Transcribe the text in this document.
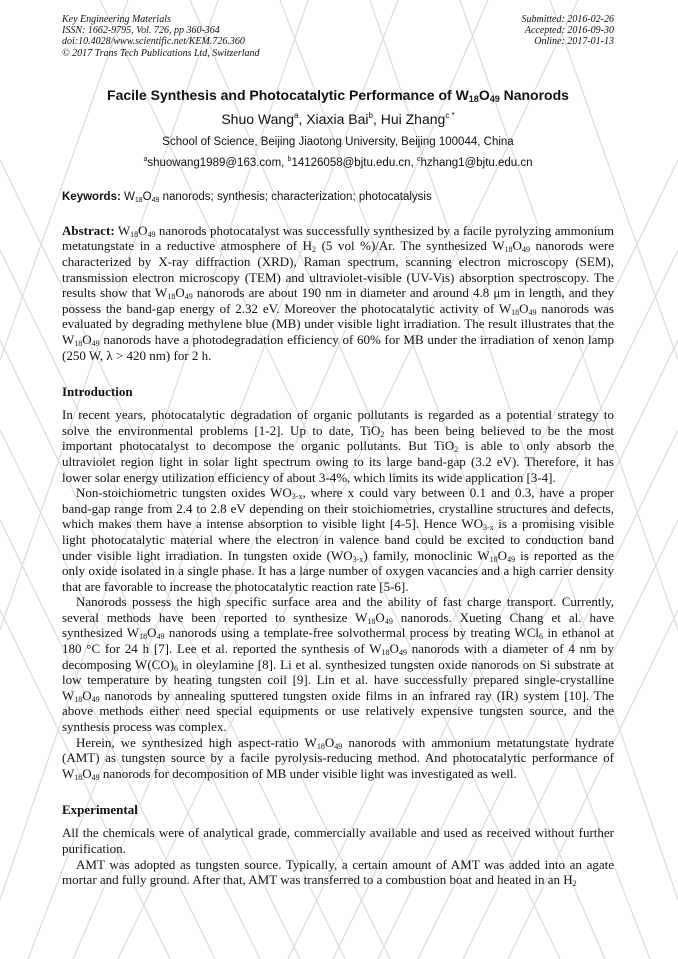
Key Engineering Materials
ISSN: 1662-9795, Vol. 726, pp 360-364
doi:10.4028/www.scientific.net/KEM.726.360
© 2017 Trans Tech Publications Ltd, Switzerland
Submitted: 2016-02-26
Accepted: 2016-09-30
Online: 2017-01-13
Facile Synthesis and Photocatalytic Performance of $W_{18}O_{49}$ Nanorods
Shuo Wang$^a$, Xiaxia Bai$^b$, Hui Zhang$^{c *}$
School of Science, Beijing Jiaotong University, Beijing 100044, China
$^a$shuowang1989@163.com, $^b$14126058@bjtu.edu.cn, $^c$hzhang1@bjtu.edu.cn
Keywords: $W_{18}O_{49}$ nanorods; synthesis; characterization; photocatalysis
Abstract: $W_{18}O_{49}$ nanorods photocatalyst was successfully synthesized by a facile pyrolyzing ammonium metatungstate in a reductive atmosphere of $H_2$ (5 vol %)/Ar. The synthesized $W_{18}O_{49}$ nanorods were characterized by X-ray diffraction (XRD), Raman spectrum, scanning electron microscopy (SEM), transmission electron microscopy (TEM) and ultraviolet-visible (UV-Vis) absorption spectroscopy. The results show that $W_{18}O_{49}$ nanorods are about 190 nm in diameter and around 4.8 μm in length, and they possess the band-gap energy of 2.32 eV. Moreover the photocatalytic activity of $W_{18}O_{49}$ nanorods was evaluated by degrading methylene blue (MB) under visible light irradiation. The result illustrates that the $W_{18}O_{49}$ nanorods have a photodegradation efficiency of 60% for MB under the irradiation of xenon lamp (250 W, λ > 420 nm) for 2 h.
Introduction

In recent years, photocatalytic degradation of organic pollutants is regarded as a potential strategy to solve the environmental problems [1-2]. Up to date, TiO$_2$ has been being believed to be the most important photocatalyst to decompose the organic pollutants. But TiO$_2$ is able to only absorb the ultraviolet region light in solar light spectrum owing to its large band-gap (3.2 eV). Therefore, it has lower solar energy utilization efficiency of about 3-4%, which limits its wide application [3-4].

Non-stoichiometric tungsten oxides $WO_{3-x}$, where x could vary between 0.1 and 0.3, have a proper band-gap range from 2.4 to 2.8 eV depending on their stoichiometries, crystalline structures and defects, which makes them have a intense absorption to visible light [4-5]. Hence $WO_{3-x}$ is a promising visible light photocatalytic material where the electron in valence band could be excited to conduction band under visible light irradiation. In tungsten oxide $(WO_{3-x})$ family, monoclinic $W_{18}O_{49}$ is reported as the only oxide isolated in a single phase. It has a large number of oxygen vacancies and a high carrier density that are favorable to increase the photocatalytic reaction rate [5-6].

Nanorods possess the high specific surface area and the ability of fast charge transport. Currently, several methods have been reported to synthesize $W_{18}O_{49}$ nanorods. Xueting Chang et al. have synthesized $W_{18}O_{49}$ nanorods using a template-free solvothermal process by treating WCl$_6$ in ethanol at 180 °C for 24 h [7]. Lee et al. reported the synthesis of $W_{18}O_{49}$ nanorods with a diameter of 4 nm by decomposing $W(CO)_6$ in oleylamine [8]. Li et al. synthesized tungsten oxide nanorods on Si substrate at low temperature by heating tungsten coil [9]. Lin et al. have successfully prepared single-crystalline $W_{18}O_{49}$ nanorods by annealing sputtered tungsten oxide films in an infrared ray (IR) system [10]. The above methods either need special equipments or use relatively expensive tungsten source, and the synthesis process was complex.

Herein, we synthesized high aspect-ratio $W_{18}O_{49}$ nanorods with ammonium metatungstate hydrate (AMT) as tungsten source by a facile pyrolysis-reducing method. And photocatalytic performance of $W_{18}O_{49}$ nanorods for decomposition of MB under visible light was investigated as well.

Experimental

All the chemicals were of analytical grade, commercially available and used as received without further purification.

AMT was adopted as tungsten source. Typically, a certain amount of AMT was added into an agate mortar and fully ground. After that, AMT was transferred to a combustion boat and heated in an $H_2$
